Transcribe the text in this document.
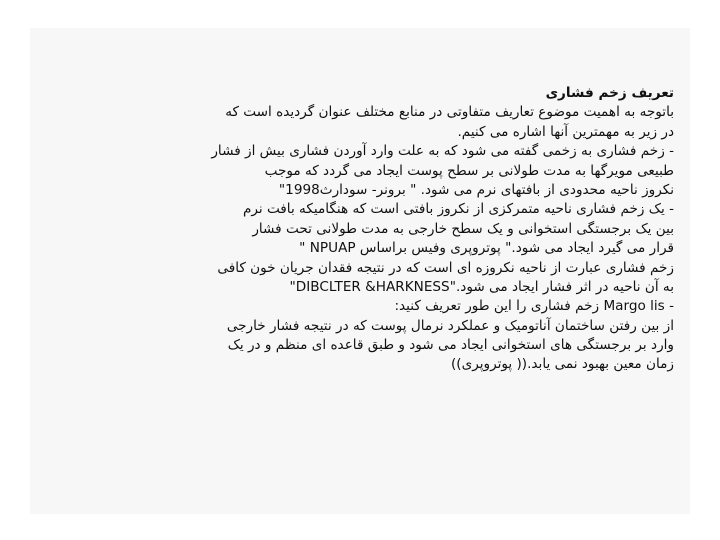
تعریف زخم فشاری
باتوجه به اهمیت موضوع تعاریف متفاوتی در منابع مختلف عنوان گردیده است که
در زیر به مهمترین آنها اشاره می کنیم.
- زخم فشاری به زخمی گفته می شود که به علت وارد آوردن فشاری بیش از فشار
طبیعی مویرگها به مدت طولانی بر سطح پوست ایجاد می گردد که موجب
نکروز ناحیه محدودی از بافتهای نرم می شود. " برونر- سودارث1998"
- یک زخم فشاری ناحیه متمرکزی از نکروز بافتی است که هنگامیکه بافت نرم
بین یک برجستگی استخوانی و یک سطح خارجی به مدت طولانی تحت فشار
قرار می گیرد ایجاد می شود." پوتروپری وفیس براساس NPUAP "
زخم فشاری عبارت از ناحیه نکروزه ای است که در نتیجه فقدان جریان خون کافی
به آن ناحیه در اثر فشار ایجاد می شود."DIBCLTER &HARKNESS"
- Margo lis زخم فشاری را این طور تعریف کنید:
از بین رفتن ساختمان آناتومیک و عملکرد نرمال پوست که در نتیجه فشار خارجی
وارد بر برجستگی های استخوانی ایجاد می شود و طبق قاعده ای منظم و در یک
زمان معین بهبود نمی یابد.(( پوتروپری))
